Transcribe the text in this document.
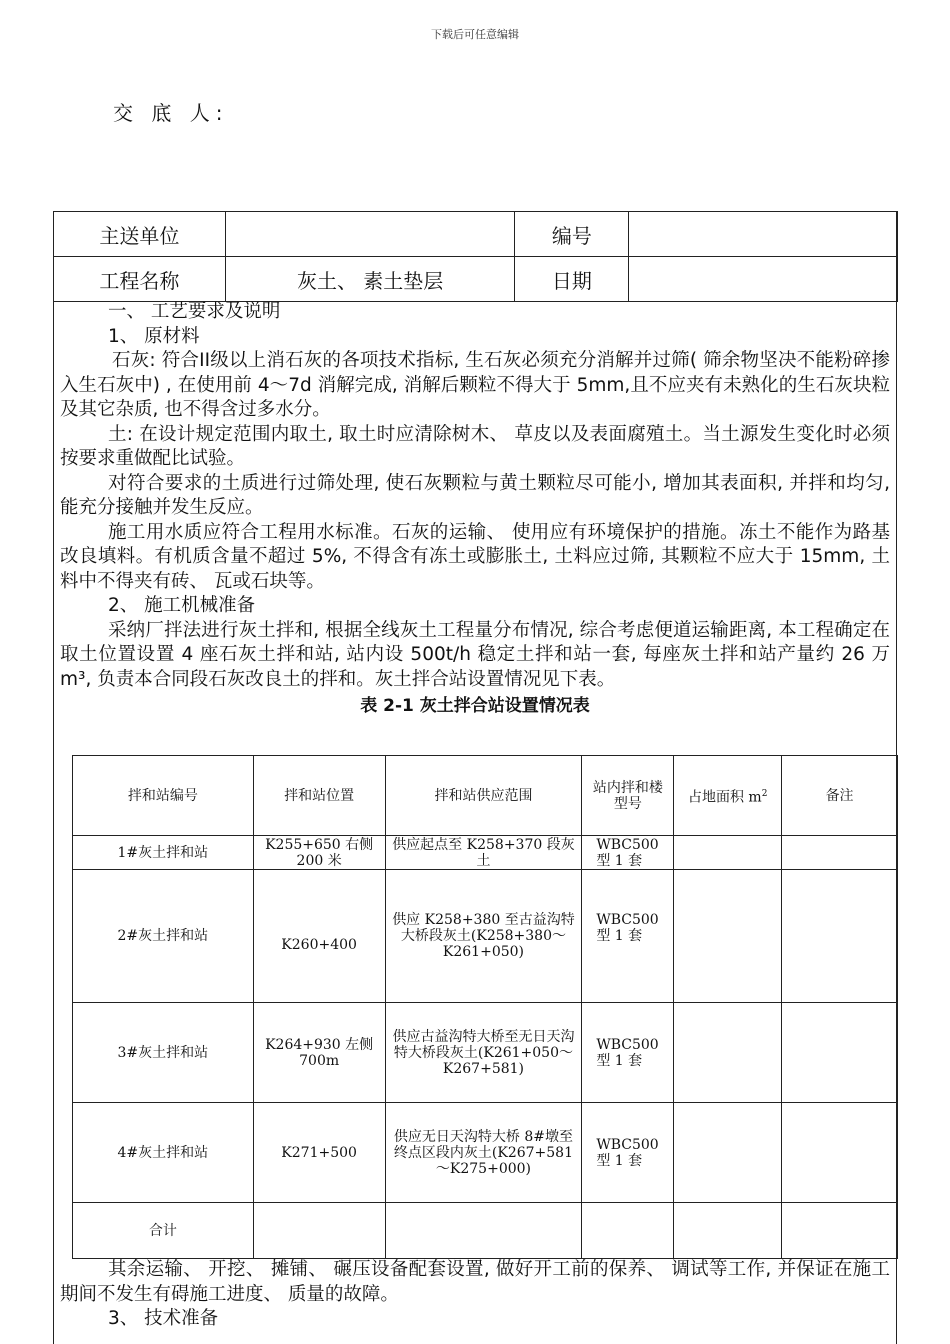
下载后可任意编辑
交 底 人:
主送单位		编号	
工程名称	灰土、 素土垫层	日期	

一、 工艺要求及说明

1、 原材料

石灰: 符合II级以上消石灰的各项技术指标, 生石灰必须充分消解并过筛( 筛余物坚决不能粉碎掺入生石灰中) , 在使用前 4～7d 消解完成, 消解后颗粒不得大于 5mm,且不应夹有未熟化的生石灰块粒及其它杂质, 也不得含过多水分。

土: 在设计规定范围内取土, 取土时应清除树木、 草皮以及表面腐殖土。当土源发生变化时必须按要求重做配比试验。

对符合要求的土质进行过筛处理, 使石灰颗粒与黄土颗粒尽可能小, 增加其表面积, 并拌和均匀, 能充分接触并发生反应。

施工用水质应符合工程用水标准。石灰的运输、 使用应有环境保护的措施。冻土不能作为路基改良填料。有机质含量不超过 5%, 不得含有冻土或膨胀土, 土料应过筛, 其颗粒不应大于 15mm, 土料中不得夹有砖、 瓦或石块等。

2、 施工机械准备

采纳厂拌法进行灰土拌和, 根据全线灰土工程量分布情况, 综合考虑便道运输距离, 本工程确定在取土位置设置 4 座石灰土拌和站, 站内设 500t/h 稳定土拌和站一套, 每座灰土拌和站产量约 26 万 m³, 负责本合同段石灰改良土的拌和。灰土拌合站设置情况见下表。

表 2-1 灰土拌合站设置情况表
拌和站编号	拌和站位置	拌和站供应范围	站内拌和楼型号	占地面积 $m^2$	备注
1#灰土拌和站	K255+650 右侧 200 米	供应起点至 K258+370 段灰土	WBC500 型 1 套		
2#灰土拌和站	K260+400	供应 K258+380 至古益沟特大桥段灰土(K258+380～K261+050)	WBC500 型 1 套		
3#灰土拌和站	K264+930 左侧 700m	供应古益沟特大桥至无日天沟特大桥段灰土(K261+050～K267+581)	WBC500 型 1 套		
4#灰土拌和站	K271+500	供应无日天沟特大桥 8#墩至终点区段内灰土(K267+581～K275+000)	WBC500 型 1 套		
合计					

其余运输、 开挖、 摊铺、 碾压设备配套设置, 做好开工前的保养、 调试等工作, 并保证在施工期间不发生有碍施工进度、 质量的故障。

3、 技术准备
